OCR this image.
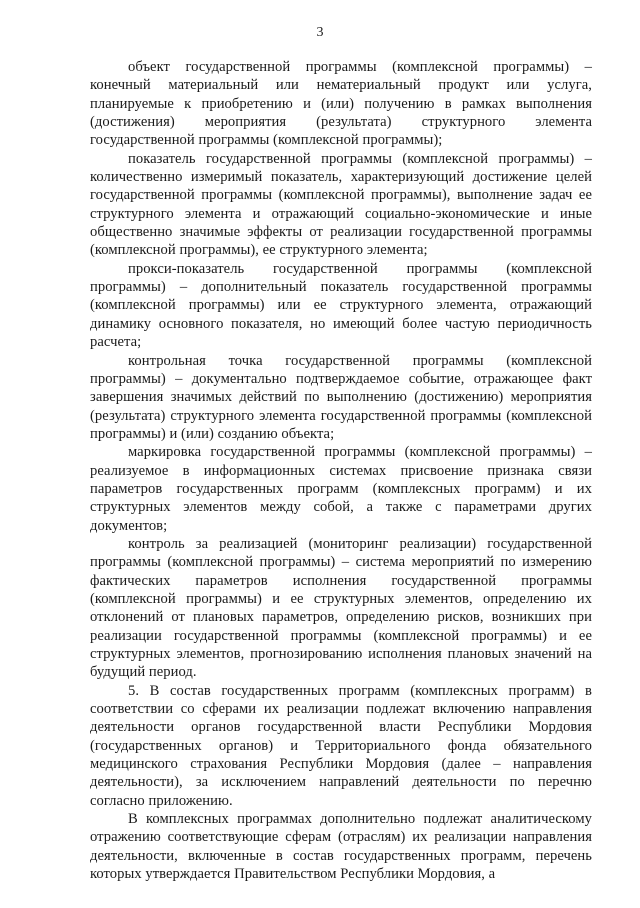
3

объект государственной программы (комплексной программы) – конечный материальный или нематериальный продукт или услуга, планируемые к приобретению и (или) получению в рамках выполнения (достижения) мероприятия (результата) структурного элемента государственной программы (комплексной программы);

показатель государственной программы (комплексной программы) – количественно измеримый показатель, характеризующий достижение целей государственной программы (комплексной программы), выполнение задач ее структурного элемента и отражающий социально-экономические и иные общественно значимые эффекты от реализации государственной программы (комплексной программы), ее структурного элемента;

прокси-показатель государственной программы (комплексной программы) – дополнительный показатель государственной программы (комплексной программы) или ее структурного элемента, отражающий динамику основного показателя, но имеющий более частую периодичность расчета;

контрольная точка государственной программы (комплексной программы) – документально подтверждаемое событие, отражающее факт завершения значимых действий по выполнению (достижению) мероприятия (результата) структурного элемента государственной программы (комплексной программы) и (или) созданию объекта;

маркировка государственной программы (комплексной программы) – реализуемое в информационных системах присвоение признака связи параметров государственных программ (комплексных программ) и их структурных элементов между собой, а также с параметрами других документов;

контроль за реализацией (мониторинг реализации) государственной программы (комплексной программы) – система мероприятий по измерению фактических параметров исполнения государственной программы (комплексной программы) и ее структурных элементов, определению их отклонений от плановых параметров, определению рисков, возникших при реализации государственной программы (комплексной программы) и ее структурных элементов, прогнозированию исполнения плановых значений на будущий период.

5. В состав государственных программ (комплексных программ) в соответствии со сферами их реализации подлежат включению направления деятельности органов государственной власти Республики Мордовия (государственных органов) и Территориального фонда обязательного медицинского страхования Республики Мордовия (далее – направления деятельности), за исключением направлений деятельности по перечню согласно приложению.

В комплексных программах дополнительно подлежат аналитическому отражению соответствующие сферам (отраслям) их реализации направления деятельности, включенные в состав государственных программ, перечень которых утверждается Правительством Республики Мордовия, а
